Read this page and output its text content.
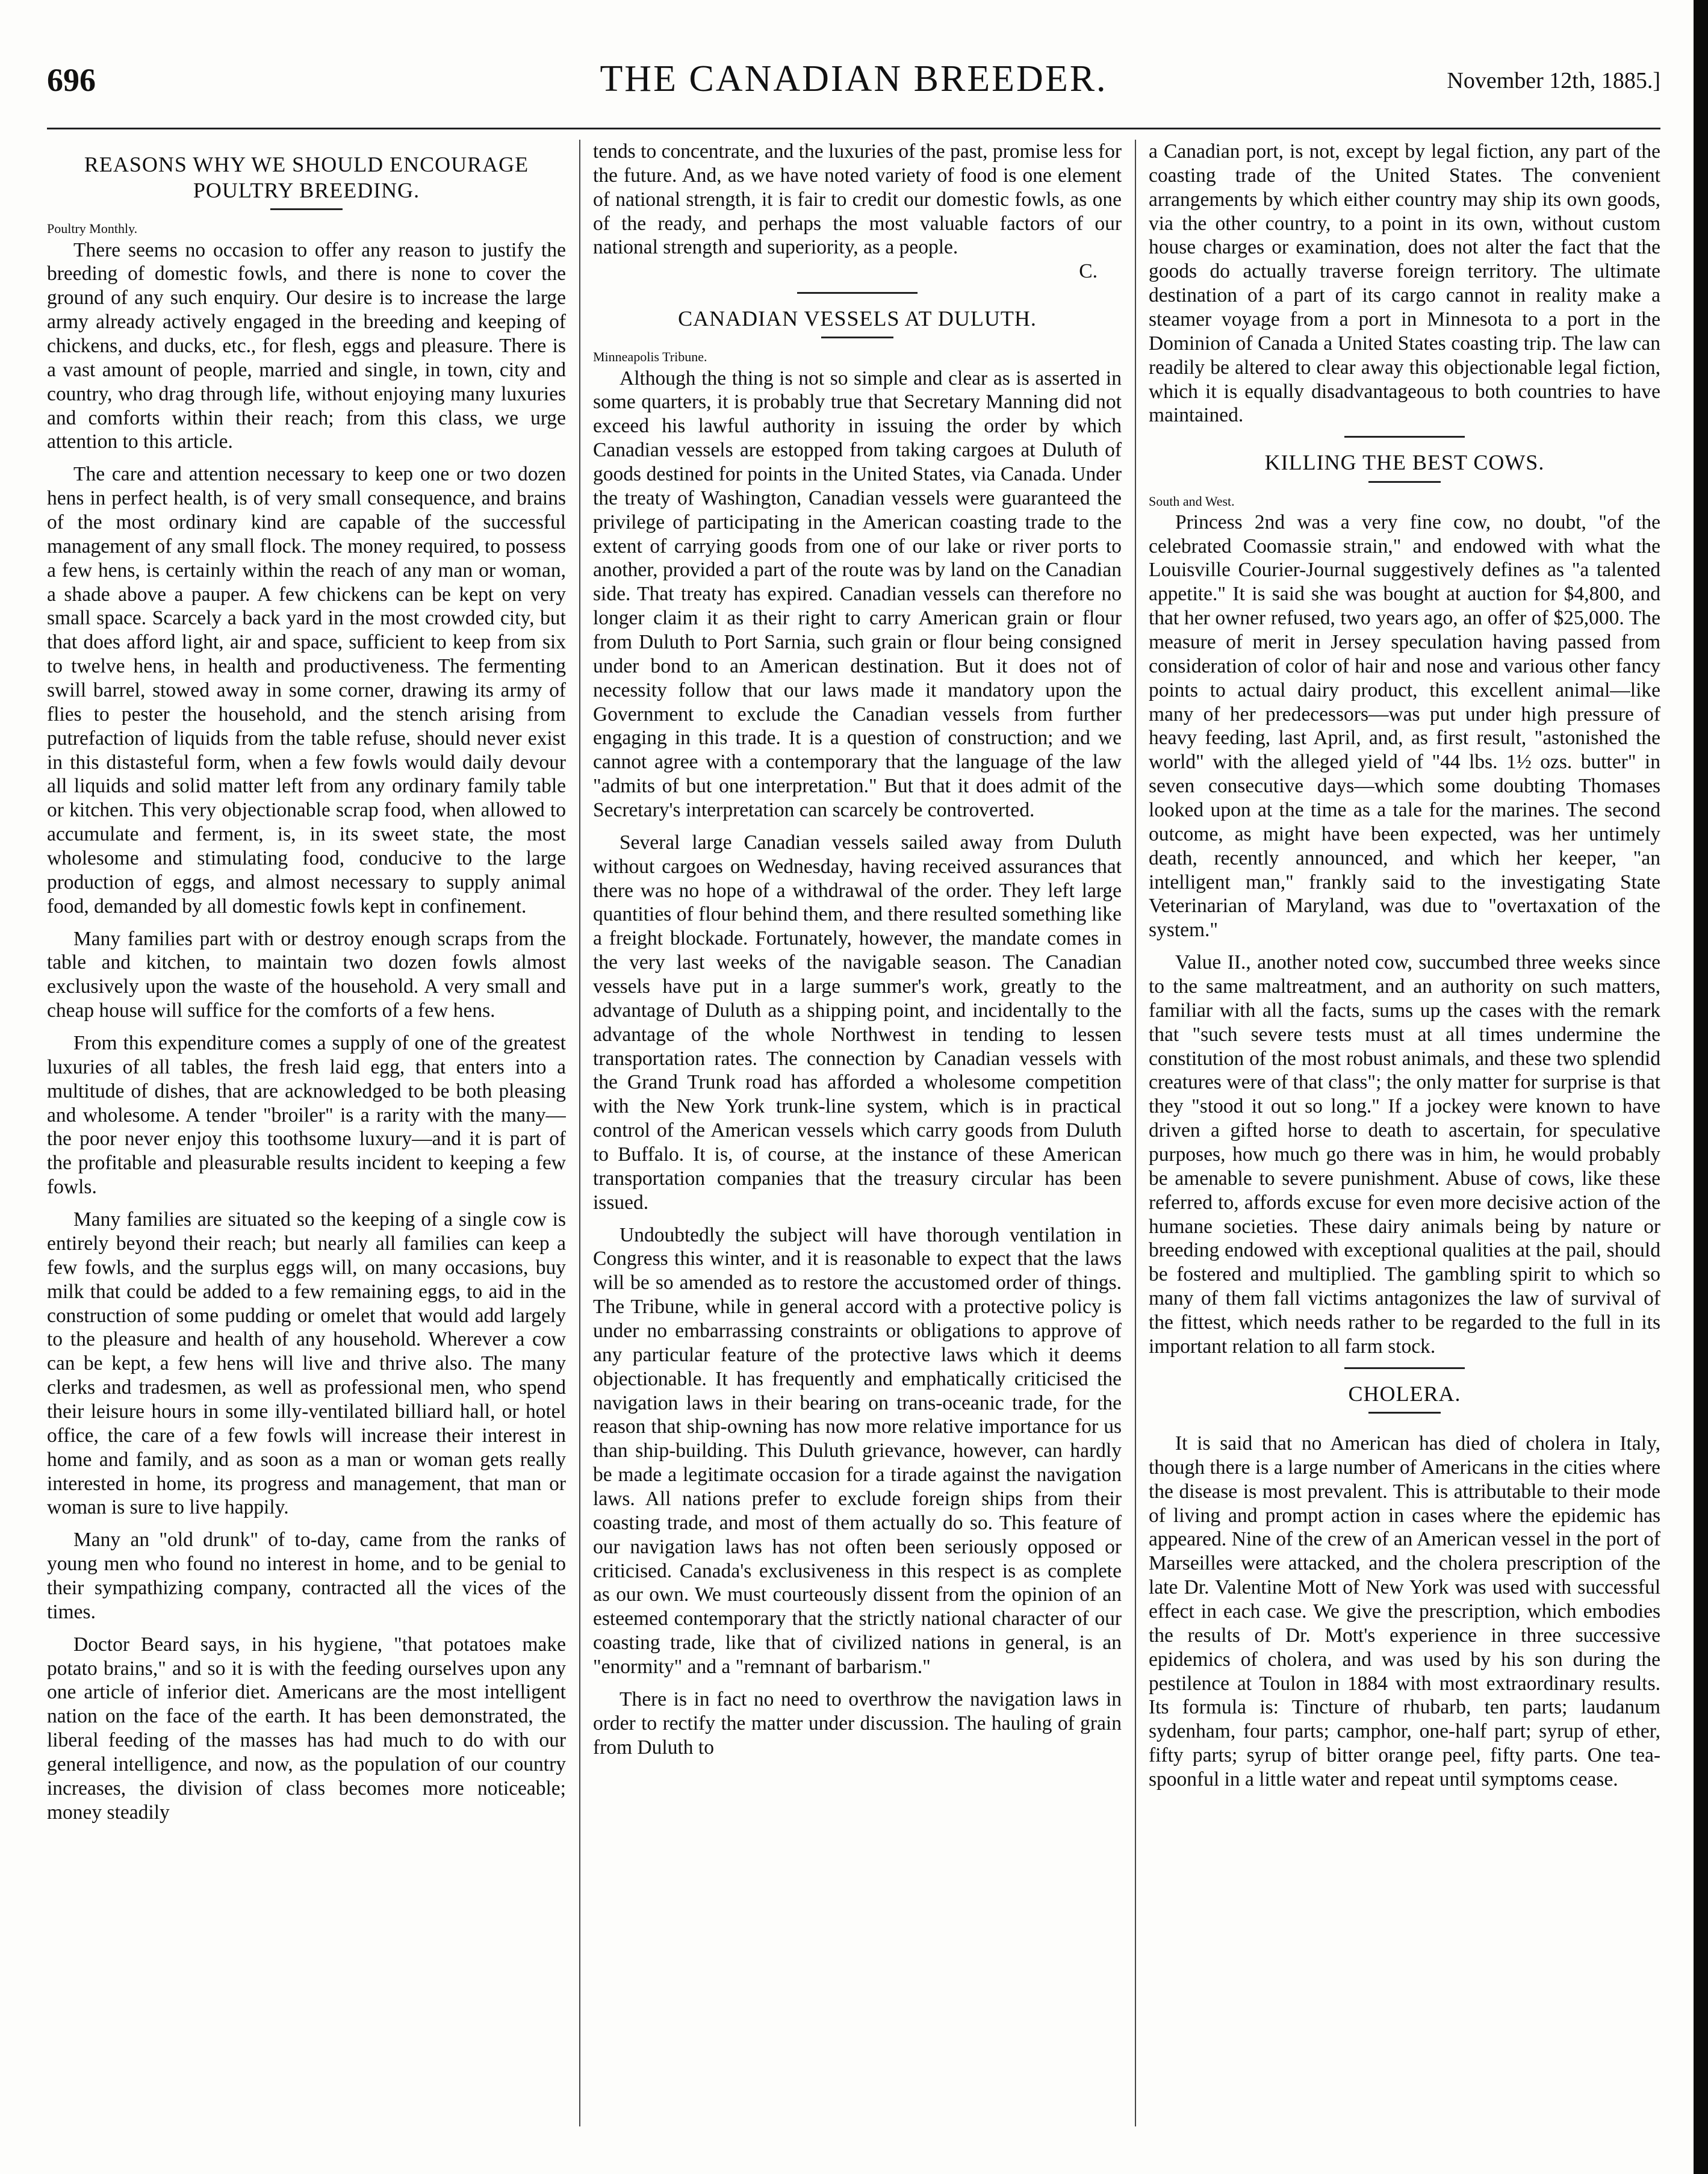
696	THE CANADIAN BREEDER.	November 12th, 1885.]
REASONS WHY WE SHOULD ENCOURAGE POULTRY BREEDING.
Poultry Monthly.

There seems no occasion to offer any reason to justify the breeding of domestic fowls, and there is none to cover the ground of any such enquiry. Our desire is to increase the large army already actively engaged in the breeding and keeping of chickens, and ducks, etc., for flesh, eggs and pleasure. There is a vast amount of people, married and single, in town, city and country, who drag through life, without enjoying many luxuries and comforts within their reach; from this class, we urge attention to this article.

The care and attention necessary to keep one or two dozen hens in perfect health, is of very small consequence, and brains of the most ordinary kind are capable of the successful management of any small flock. The money required, to possess a few hens, is certainly within the reach of any man or woman, a shade above a pauper. A few chickens can be kept on very small space. Scarcely a back yard in the most crowded city, but that does afford light, air and space, sufficient to keep from six to twelve hens, in health and productiveness. The fermenting swill barrel, stowed away in some corner, drawing its army of flies to pester the household, and the stench arising from putrefaction of liquids from the table refuse, should never exist in this distasteful form, when a few fowls would daily devour all liquids and solid matter left from any ordinary family table or kitchen. This very objectionable scrap food, when allowed to accumulate and ferment, is, in its sweet state, the most wholesome and stimulating food, conducive to the large production of eggs, and almost necessary to supply animal food, demanded by all domestic fowls kept in confinement.

Many families part with or destroy enough scraps from the table and kitchen, to maintain two dozen fowls almost exclusively upon the waste of the household. A very small and cheap house will suffice for the comforts of a few hens.

From this expenditure comes a supply of one of the greatest luxuries of all tables, the fresh laid egg, that enters into a multitude of dishes, that are acknowledged to be both pleasing and wholesome. A tender "broiler" is a rarity with the many—the poor never enjoy this toothsome luxury—and it is part of the profitable and pleasurable results incident to keeping a few fowls.

Many families are situated so the keeping of a single cow is entirely beyond their reach; but nearly all families can keep a few fowls, and the surplus eggs will, on many occasions, buy milk that could be added to a few remaining eggs, to aid in the construction of some pudding or omelet that would add largely to the pleasure and health of any household. Wherever a cow can be kept, a few hens will live and thrive also. The many clerks and tradesmen, as well as professional men, who spend their leisure hours in some illy-ventilated billiard hall, or hotel office, the care of a few fowls will increase their interest in home and family, and as soon as a man or woman gets really interested in home, its progress and management, that man or woman is sure to live happily.

Many an "old drunk" of to-day, came from the ranks of young men who found no interest in home, and to be genial to their sympathizing company, contracted all the vices of the times.

Doctor Beard says, in his hygiene, "that potatoes make potato brains," and so it is with the feeding ourselves upon any one article of inferior diet. Americans are the most intelligent nation on the face of the earth. It has been demonstrated, the liberal feeding of the masses has had much to do with our general intelligence, and now, as the population of our country increases, the division of class becomes more noticeable; money steadily

tends to concentrate, and the luxuries of the past, promise less for the future. And, as we have noted variety of food is one element of national strength, it is fair to credit our domestic fowls, as one of the ready, and perhaps the most valuable factors of our national strength and superiority, as a people.

C.
CANADIAN VESSELS AT DULUTH.
Minneapolis Tribune.

Although the thing is not so simple and clear as is asserted in some quarters, it is probably true that Secretary Manning did not exceed his lawful authority in issuing the order by which Canadian vessels are estopped from taking cargoes at Duluth of goods destined for points in the United States, via Canada. Under the treaty of Washington, Canadian vessels were guaranteed the privilege of participating in the American coasting trade to the extent of carrying goods from one of our lake or river ports to another, provided a part of the route was by land on the Canadian side. That treaty has expired. Canadian vessels can therefore no longer claim it as their right to carry American grain or flour from Duluth to Port Sarnia, such grain or flour being consigned under bond to an American destination. But it does not of necessity follow that our laws made it mandatory upon the Government to exclude the Canadian vessels from further engaging in this trade. It is a question of construction; and we cannot agree with a contemporary that the language of the law "admits of but one interpretation." But that it does admit of the Secretary's interpretation can scarcely be controverted.

Several large Canadian vessels sailed away from Duluth without cargoes on Wednesday, having received assurances that there was no hope of a withdrawal of the order. They left large quantities of flour behind them, and there resulted something like a freight blockade. Fortunately, however, the mandate comes in the very last weeks of the navigable season. The Canadian vessels have put in a large summer's work, greatly to the advantage of Duluth as a shipping point, and incidentally to the advantage of the whole Northwest in tending to lessen transportation rates. The connection by Canadian vessels with the Grand Trunk road has afforded a wholesome competition with the New York trunk-line system, which is in practical control of the American vessels which carry goods from Duluth to Buffalo. It is, of course, at the instance of these American transportation companies that the treasury circular has been issued.

Undoubtedly the subject will have thorough ventilation in Congress this winter, and it is reasonable to expect that the laws will be so amended as to restore the accustomed order of things. The Tribune, while in general accord with a protective policy is under no embarrassing constraints or obligations to approve of any particular feature of the protective laws which it deems objectionable. It has frequently and emphatically criticised the navigation laws in their bearing on trans-oceanic trade, for the reason that ship-owning has now more relative importance for us than ship-building. This Duluth grievance, however, can hardly be made a legitimate occasion for a tirade against the navigation laws. All nations prefer to exclude foreign ships from their coasting trade, and most of them actually do so. This feature of our navigation laws has not often been seriously opposed or criticised. Canada's exclusiveness in this respect is as complete as our own. We must courteously dissent from the opinion of an esteemed contemporary that the strictly national character of our coasting trade, like that of civilized nations in general, is an "enormity" and a "remnant of barbarism."

There is in fact no need to overthrow the navigation laws in order to rectify the matter under discussion. The hauling of grain from Duluth to

a Canadian port, is not, except by legal fiction, any part of the coasting trade of the United States. The convenient arrangements by which either country may ship its own goods, via the other country, to a point in its own, without custom house charges or examination, does not alter the fact that the goods do actually traverse foreign territory. The ultimate destination of a part of its cargo cannot in reality make a steamer voyage from a port in Minnesota to a port in the Dominion of Canada a United States coasting trip. The law can readily be altered to clear away this objectionable legal fiction, which it is equally disadvantageous to both countries to have maintained.

KILLING THE BEST COWS.
South and West.

Princess 2nd was a very fine cow, no doubt, "of the celebrated Coomassie strain," and endowed with what the Louisville Courier-Journal suggestively defines as "a talented appetite." It is said she was bought at auction for $4,800, and that her owner refused, two years ago, an offer of $25,000. The measure of merit in Jersey speculation having passed from consideration of color of hair and nose and various other fancy points to actual dairy product, this excellent animal—like many of her predecessors—was put under high pressure of heavy feeding, last April, and, as first result, "astonished the world" with the alleged yield of "44 lbs. 1½ ozs. butter" in seven consecutive days—which some doubting Thomases looked upon at the time as a tale for the marines. The second outcome, as might have been expected, was her untimely death, recently announced, and which her keeper, "an intelligent man," frankly said to the investigating State Veterinarian of Maryland, was due to "overtaxation of the system."

Value II., another noted cow, succumbed three weeks since to the same maltreatment, and an authority on such matters, familiar with all the facts, sums up the cases with the remark that "such severe tests must at all times undermine the constitution of the most robust animals, and these two splendid creatures were of that class"; the only matter for surprise is that they "stood it out so long." If a jockey were known to have driven a gifted horse to death to ascertain, for speculative purposes, how much go there was in him, he would probably be amenable to severe punishment. Abuse of cows, like these referred to, affords excuse for even more decisive action of the humane societies. These dairy animals being by nature or breeding endowed with exceptional qualities at the pail, should be fostered and multiplied. The gambling spirit to which so many of them fall victims antagonizes the law of survival of the fittest, which needs rather to be regarded to the full in its important relation to all farm stock.

CHOLERA.

It is said that no American has died of cholera in Italy, though there is a large number of Americans in the cities where the disease is most prevalent. This is attributable to their mode of living and prompt action in cases where the epidemic has appeared. Nine of the crew of an American vessel in the port of Marseilles were attacked, and the cholera prescription of the late Dr. Valentine Mott of New York was used with successful effect in each case. We give the prescription, which embodies the results of Dr. Mott's experience in three successive epidemics of cholera, and was used by his son during the pestilence at Toulon in 1884 with most extraordinary results. Its formula is: Tincture of rhubarb, ten parts; laudanum sydenham, four parts; camphor, one-half part; syrup of ether, fifty parts; syrup of bitter orange peel, fifty parts. One tea-spoonful in a little water and repeat until symptoms cease.
